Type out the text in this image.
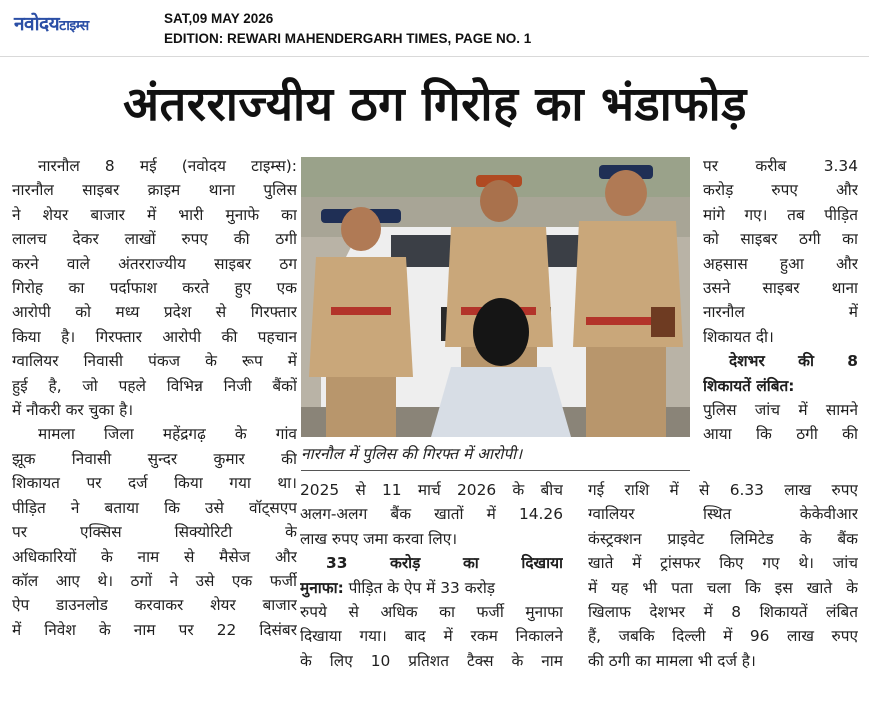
नवोदयटाइम्स	SAT,09 MAY 2026
EDITION: REWARI MAHENDERGARH TIMES, PAGE NO. 1
अंतरराज्यीय ठग गिरोह का भंडाफोड़

नारनौल 8 मई (नवोदय टाइम्स):

नारनौल साइबर क्राइम थाना पुलिस

ने शेयर बाजार में भारी मुनाफे का

लालच देकर लाखों रुपए की ठगी

करने वाले अंतरराज्यीय साइबर ठग

गिरोह का पर्दाफाश करते हुए एक

आरोपी को मध्य प्रदेश से गिरफ्तार

किया है। गिरफ्तार आरोपी की पहचान

ग्वालियर निवासी पंकज के रूप में

हुई है, जो पहले विभिन्न निजी बैंकों

में नौकरी कर चुका है।

मामला जिला महेंद्रगढ़ के गांव

झूक निवासी सुन्दर कुमार की

शिकायत पर दर्ज किया गया था।

पीड़ित ने बताया कि उसे वॉट्सएप

पर एक्सिस सिक्योरिटी के

अधिकारियों के नाम से मैसेज और

कॉल आए थे। ठगों ने उसे एक फर्जी

ऐप डाउनलोड करवाकर शेयर बाजार

में निवेश के नाम पर 22 दिसंबर

नारनौल में पुलिस की गिरफ्त में आरोपी।

2025 से 11 मार्च 2026 के बीच

अलग-अलग बैंक खातों में 14.26

लाख रुपए जमा करवा लिए।

33 करोड़ का दिखाया

मुनाफा: पीड़ित के ऐप में 33 करोड़

रुपये से अधिक का फर्जी मुनाफा

दिखाया गया। बाद में रकम निकालने

के लिए 10 प्रतिशत टैक्स के नाम

गई राशि में से 6.33 लाख रुपए

ग्वालियर स्थित केकेवीआर

कंस्ट्रक्शन प्राइवेट लिमिटेड के बैंक

खाते में ट्रांसफर किए गए थे। जांच

में यह भी पता चला कि इस खाते के

खिलाफ देशभर में 8 शिकायतें लंबित

हैं, जबकि दिल्ली में 96 लाख रुपए

की ठगी का मामला भी दर्ज है।

पर करीब 3.34

करोड़ रुपए और

मांगे गए। तब पीड़ित

को साइबर ठगी का

अहसास हुआ और

उसने साइबर थाना

नारनौल में

शिकायत दी।

देशभर की 8

शिकायतें लंबित:

पुलिस जांच में सामने

आया कि ठगी की
